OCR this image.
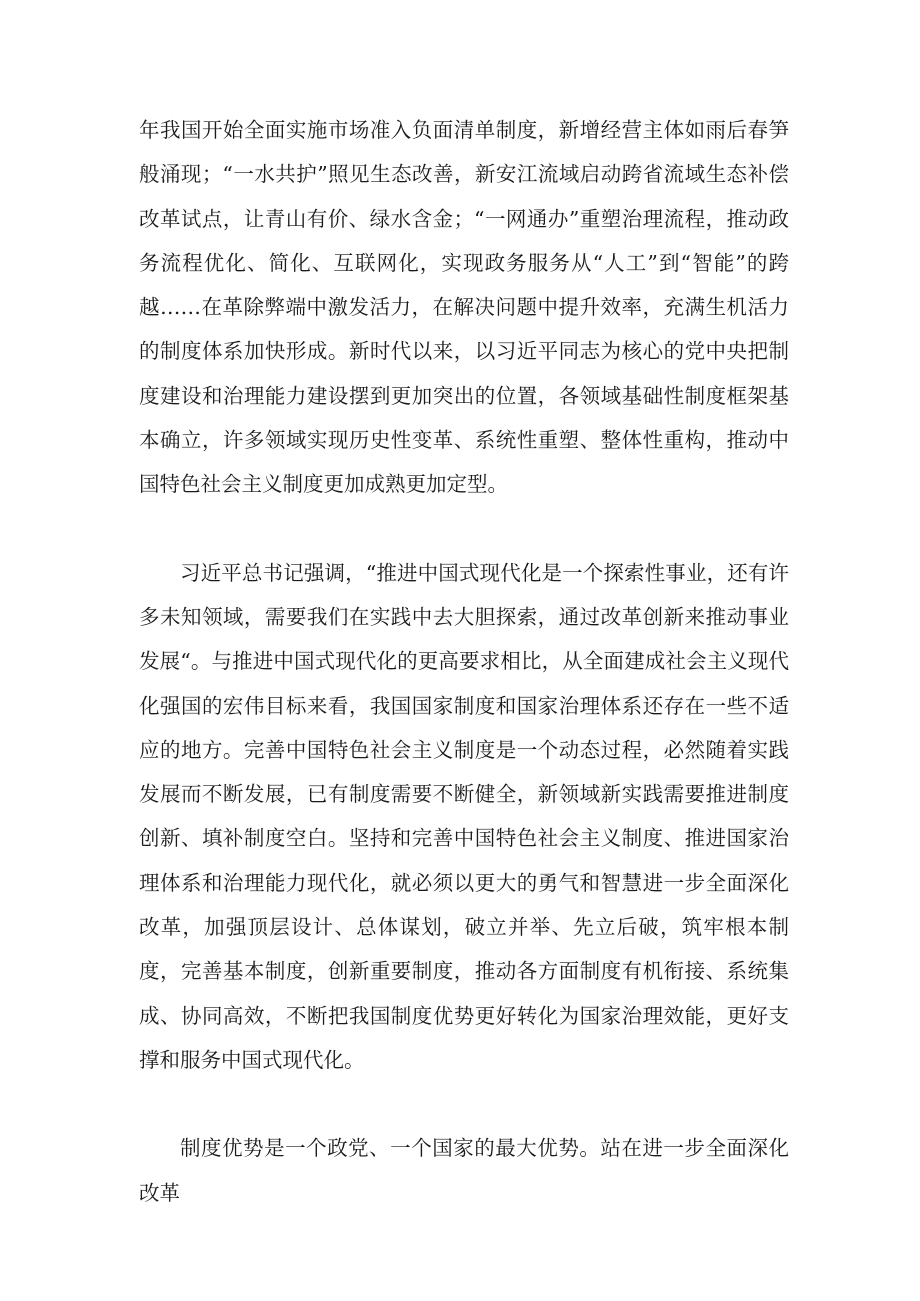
年我国开始全面实施市场准入负面清单制度，新增经营主体如雨后春笋般涌现；“一水共护”照见生态改善，新安江流域启动跨省流域生态补偿改革试点，让青山有价、绿水含金；“一网通办”重塑治理流程，推动政务流程优化、简化、互联网化，实现政务服务从“人工”到“智能”的跨越……在革除弊端中激发活力，在解决问题中提升效率，充满生机活力的制度体系加快形成。新时代以来，以习近平同志为核心的党中央把制度建设和治理能力建设摆到更加突出的位置，各领域基础性制度框架基本确立，许多领域实现历史性变革、系统性重塑、整体性重构，推动中国特色社会主义制度更加成熟更加定型。

习近平总书记强调，“推进中国式现代化是一个探索性事业，还有许多未知领域，需要我们在实践中去大胆探索，通过改革创新来推动事业发展“。与推进中国式现代化的更高要求相比，从全面建成社会主义现代化强国的宏伟目标来看，我国国家制度和国家治理体系还存在一些不适应的地方。完善中国特色社会主义制度是一个动态过程，必然随着实践发展而不断发展，已有制度需要不断健全，新领域新实践需要推进制度创新、填补制度空白。坚持和完善中国特色社会主义制度、推进国家治理体系和治理能力现代化，就必须以更大的勇气和智慧进一步全面深化改革，加强顶层设计、总体谋划，破立并举、先立后破，筑牢根本制度，完善基本制度，创新重要制度，推动各方面制度有机衔接、系统集成、协同高效，不断把我国制度优势更好转化为国家治理效能，更好支撑和服务中国式现代化。

制度优势是一个政党、一个国家的最大优势。站在进一步全面深化改革
